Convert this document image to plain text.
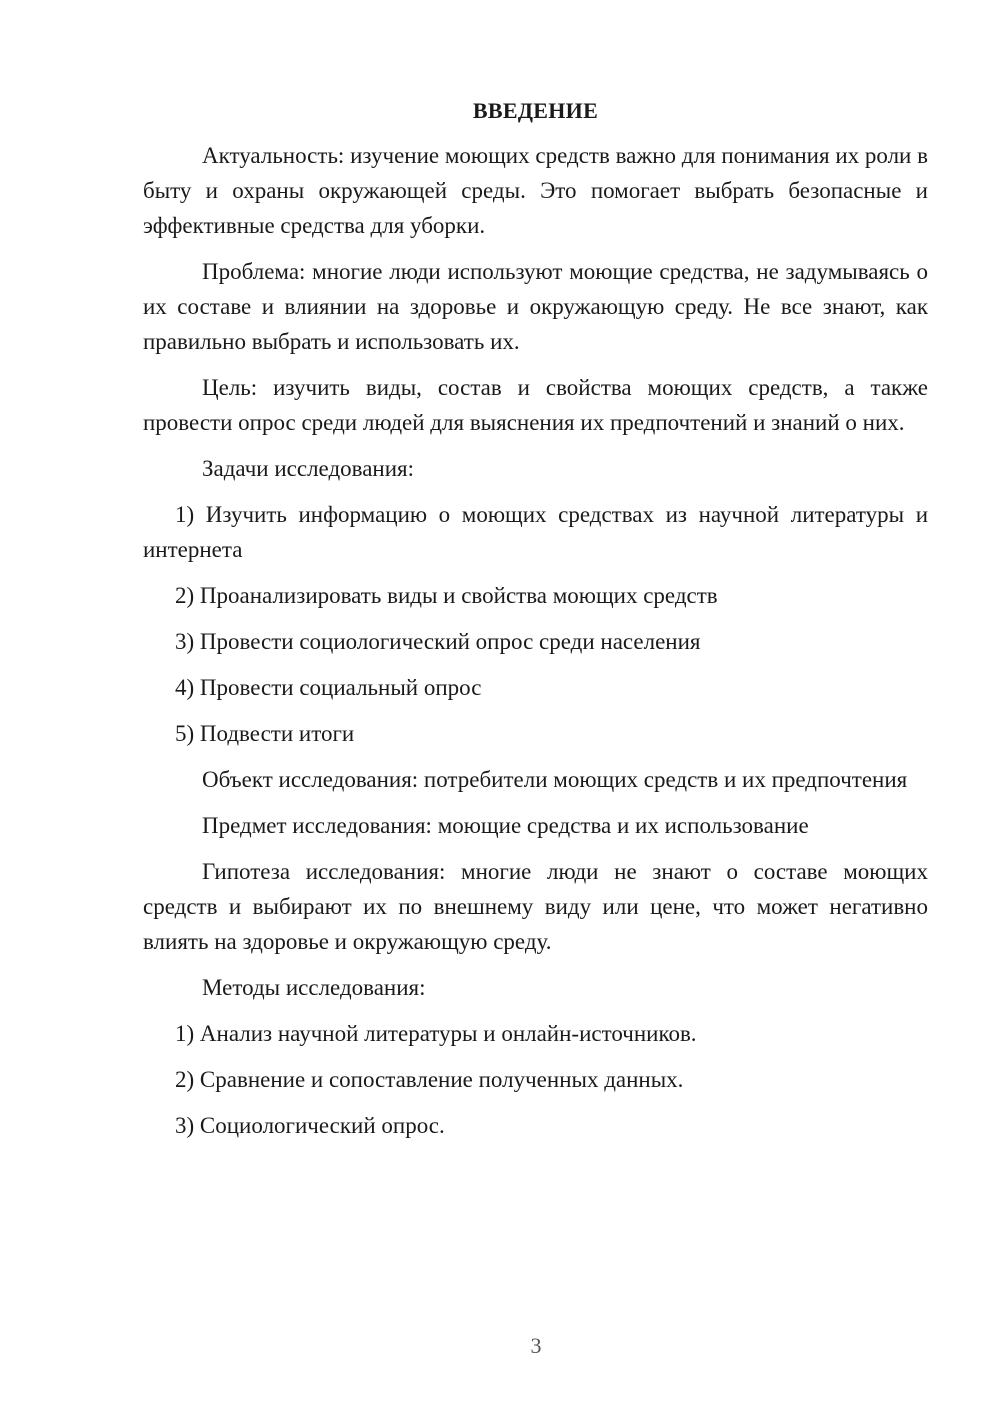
ВВЕДЕНИЕ

Актуальность: изучение моющих средств важно для понимания их роли в быту и охраны окружающей среды. Это помогает выбрать безопасные и эффективные средства для уборки.

Проблема: многие люди используют моющие средства, не задумываясь о их составе и влиянии на здоровье и окружающую среду. Не все знают, как правильно выбрать и использовать их.

Цель: изучить виды, состав и свойства моющих средств, а также провести опрос среди людей для выяснения их предпочтений и знаний о них.

Задачи исследования:

1) Изучить информацию о моющих средствах из научной литературы и интернета

2) Проанализировать виды и свойства моющих средств

3) Провести социологический опрос среди населения

4) Провести социальный опрос

5) Подвести итоги

Объект исследования: потребители моющих средств и их предпочтения

Предмет исследования: моющие средства и их использование

Гипотеза исследования: многие люди не знают о составе моющих средств и выбирают их по внешнему виду или цене, что может негативно влиять на здоровье и окружающую среду.

Методы исследования:

1) Анализ научной литературы и онлайн-источников.

2) Сравнение и сопоставление полученных данных.

3) Социологический опрос.

3
